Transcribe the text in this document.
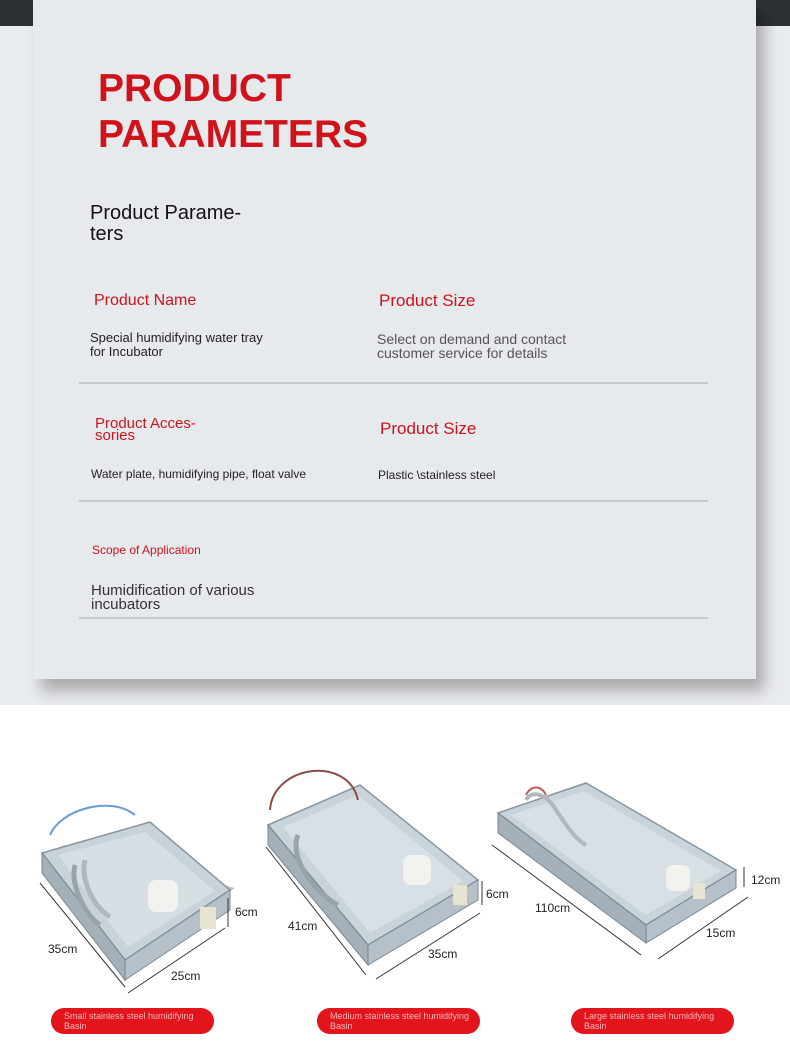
PRODUCT
PARAMETERS
Product Parame-
ters
Product Name
Special humidifying water tray
for Incubator
Product Size
Select on demand and contact
customer service for details
Product Acces-
sories
Water plate, humidifying pipe, float valve
Product Size
Plastic \stainless steel
Scope of Application
Humidification of various
incubators
35cm
25cm
6cm
41cm
35cm
6cm
110cm
15cm
12cm
Small stainless steel humidifying
Basin
Medium stainless steel humidifying
Basin
Large stainless steel humidifying
Basin
